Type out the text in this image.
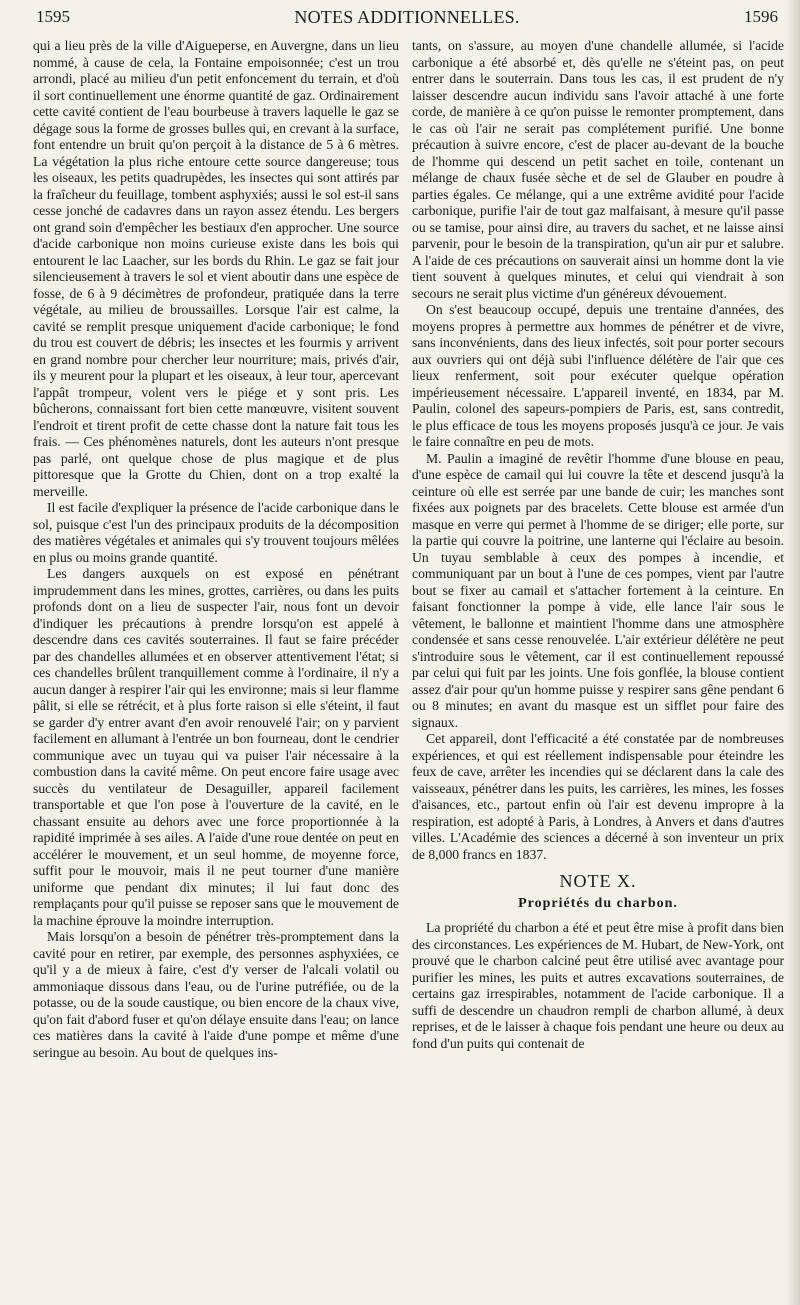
1595	NOTES ADDITIONNELLES.	1596

qui a lieu près de la ville d'Aigueperse, en Auvergne, dans un lieu nommé, à cause de cela, la Fontaine empoisonnée; c'est un trou arrondi, placé au milieu d'un petit enfoncement du terrain, et d'où il sort continuellement une énorme quantité de gaz. Ordinairement cette cavité contient de l'eau bourbeuse à travers laquelle le gaz se dégage sous la forme de grosses bulles qui, en crevant à la surface, font entendre un bruit qu'on perçoit à la distance de 5 à 6 mètres. La végétation la plus riche entoure cette source dangereuse; tous les oiseaux, les petits quadrupèdes, les insectes qui sont attirés par la fraîcheur du feuillage, tombent asphyxiés; aussi le sol est-il sans cesse jonché de cadavres dans un rayon assez étendu. Les bergers ont grand soin d'empêcher les bestiaux d'en approcher. Une source d'acide carbonique non moins curieuse existe dans les bois qui entourent le lac Laacher, sur les bords du Rhin. Le gaz se fait jour silencieusement à travers le sol et vient aboutir dans une espèce de fosse, de 6 à 9 décimètres de profondeur, pratiquée dans la terre végétale, au milieu de broussailles. Lorsque l'air est calme, la cavité se remplit presque uniquement d'acide carbonique; le fond du trou est couvert de débris; les insectes et les fourmis y arrivent en grand nombre pour chercher leur nourriture; mais, privés d'air, ils y meurent pour la plupart et les oiseaux, à leur tour, apercevant l'appât trompeur, volent vers le piége et y sont pris. Les bûcherons, connaissant fort bien cette manœuvre, visitent souvent l'endroit et tirent profit de cette chasse dont la nature fait tous les frais. — Ces phénomènes naturels, dont les auteurs n'ont presque pas parlé, ont quelque chose de plus magique et de plus pittoresque que la Grotte du Chien, dont on a trop exalté la merveille.

Il est facile d'expliquer la présence de l'acide carbonique dans le sol, puisque c'est l'un des principaux produits de la décomposition des matières végétales et animales qui s'y trouvent toujours mêlées en plus ou moins grande quantité.

Les dangers auxquels on est exposé en pénétrant imprudemment dans les mines, grottes, carrières, ou dans les puits profonds dont on a lieu de suspecter l'air, nous font un devoir d'indiquer les précautions à prendre lorsqu'on est appelé à descendre dans ces cavités souterraines. Il faut se faire précéder par des chandelles allumées et en observer attentivement l'état; si ces chandelles brûlent tranquillement comme à l'ordinaire, il n'y a aucun danger à respirer l'air qui les environne; mais si leur flamme pâlit, si elle se rétrécit, et à plus forte raison si elle s'éteint, il faut se garder d'y entrer avant d'en avoir renouvelé l'air; on y parvient facilement en allumant à l'entrée un bon fourneau, dont le cendrier communique avec un tuyau qui va puiser l'air nécessaire à la combustion dans la cavité même. On peut encore faire usage avec succès du ventilateur de Desaguiller, appareil facilement transportable et que l'on pose à l'ouverture de la cavité, en le chassant ensuite au dehors avec une force proportionnée à la rapidité imprimée à ses ailes. A l'aide d'une roue dentée on peut en accélérer le mouvement, et un seul homme, de moyenne force, suffit pour le mouvoir, mais il ne peut tourner d'une manière uniforme que pendant dix minutes; il lui faut donc des remplaçants pour qu'il puisse se reposer sans que le mouvement de la machine éprouve la moindre interruption.

Mais lorsqu'on a besoin de pénétrer très-promptement dans la cavité pour en retirer, par exemple, des personnes asphyxiées, ce qu'il y a de mieux à faire, c'est d'y verser de l'alcali volatil ou ammoniaque dissous dans l'eau, ou de l'urine putréfiée, ou de la potasse, ou de la soude caustique, ou bien encore de la chaux vive, qu'on fait d'abord fuser et qu'on délaye ensuite dans l'eau; on lance ces matières dans la cavité à l'aide d'une pompe et même d'une seringue au besoin. Au bout de quelques ins-

tants, on s'assure, au moyen d'une chandelle allumée, si l'acide carbonique a été absorbé et, dès qu'elle ne s'éteint pas, on peut entrer dans le souterrain. Dans tous les cas, il est prudent de n'y laisser descendre aucun individu sans l'avoir attaché à une forte corde, de manière à ce qu'on puisse le remonter promptement, dans le cas où l'air ne serait pas complétement purifié. Une bonne précaution à suivre encore, c'est de placer au-devant de la bouche de l'homme qui descend un petit sachet en toile, contenant un mélange de chaux fusée sèche et de sel de Glauber en poudre à parties égales. Ce mélange, qui a une extrême avidité pour l'acide carbonique, purifie l'air de tout gaz malfaisant, à mesure qu'il passe ou se tamise, pour ainsi dire, au travers du sachet, et ne laisse ainsi parvenir, pour le besoin de la transpiration, qu'un air pur et salubre. A l'aide de ces précautions on sauverait ainsi un homme dont la vie tient souvent à quelques minutes, et celui qui viendrait à son secours ne serait plus victime d'un généreux dévouement.

On s'est beaucoup occupé, depuis une trentaine d'années, des moyens propres à permettre aux hommes de pénétrer et de vivre, sans inconvénients, dans des lieux infectés, soit pour porter secours aux ouvriers qui ont déjà subi l'influence délétère de l'air que ces lieux renferment, soit pour exécuter quelque opération impérieusement nécessaire. L'appareil inventé, en 1834, par M. Paulin, colonel des sapeurs-pompiers de Paris, est, sans contredit, le plus efficace de tous les moyens proposés jusqu'à ce jour. Je vais le faire connaître en peu de mots.

M. Paulin a imaginé de revêtir l'homme d'une blouse en peau, d'une espèce de camail qui lui couvre la tête et descend jusqu'à la ceinture où elle est serrée par une bande de cuir; les manches sont fixées aux poignets par des bracelets. Cette blouse est armée d'un masque en verre qui permet à l'homme de se diriger; elle porte, sur la partie qui couvre la poitrine, une lanterne qui l'éclaire au besoin. Un tuyau semblable à ceux des pompes à incendie, et communiquant par un bout à l'une de ces pompes, vient par l'autre bout se fixer au camail et s'attacher fortement à la ceinture. En faisant fonctionner la pompe à vide, elle lance l'air sous le vêtement, le ballonne et maintient l'homme dans une atmosphère condensée et sans cesse renouvelée. L'air extérieur délétère ne peut s'introduire sous le vêtement, car il est continuellement repoussé par celui qui fuit par les joints. Une fois gonflée, la blouse contient assez d'air pour qu'un homme puisse y respirer sans gêne pendant 6 ou 8 minutes; en avant du masque est un sifflet pour faire des signaux.

Cet appareil, dont l'efficacité a été constatée par de nombreuses expériences, et qui est réellement indispensable pour éteindre les feux de cave, arrêter les incendies qui se déclarent dans la cale des vaisseaux, pénétrer dans les puits, les carrières, les mines, les fosses d'aisances, etc., partout enfin où l'air est devenu impropre à la respiration, est adopté à Paris, à Londres, à Anvers et dans d'autres villes. L'Académie des sciences a décerné à son inventeur un prix de 8,000 francs en 1837.

NOTE X.
Propriétés du charbon.

La propriété du charbon a été et peut être mise à profit dans bien des circonstances. Les expériences de M. Hubart, de New-York, ont prouvé que le charbon calciné peut être utilisé avec avantage pour purifier les mines, les puits et autres excavations souterraines, de certains gaz irrespirables, notamment de l'acide carbonique. Il a suffi de descendre un chaudron rempli de charbon allumé, à deux reprises, et de le laisser à chaque fois pendant une heure ou deux au fond d'un puits qui contenait de
